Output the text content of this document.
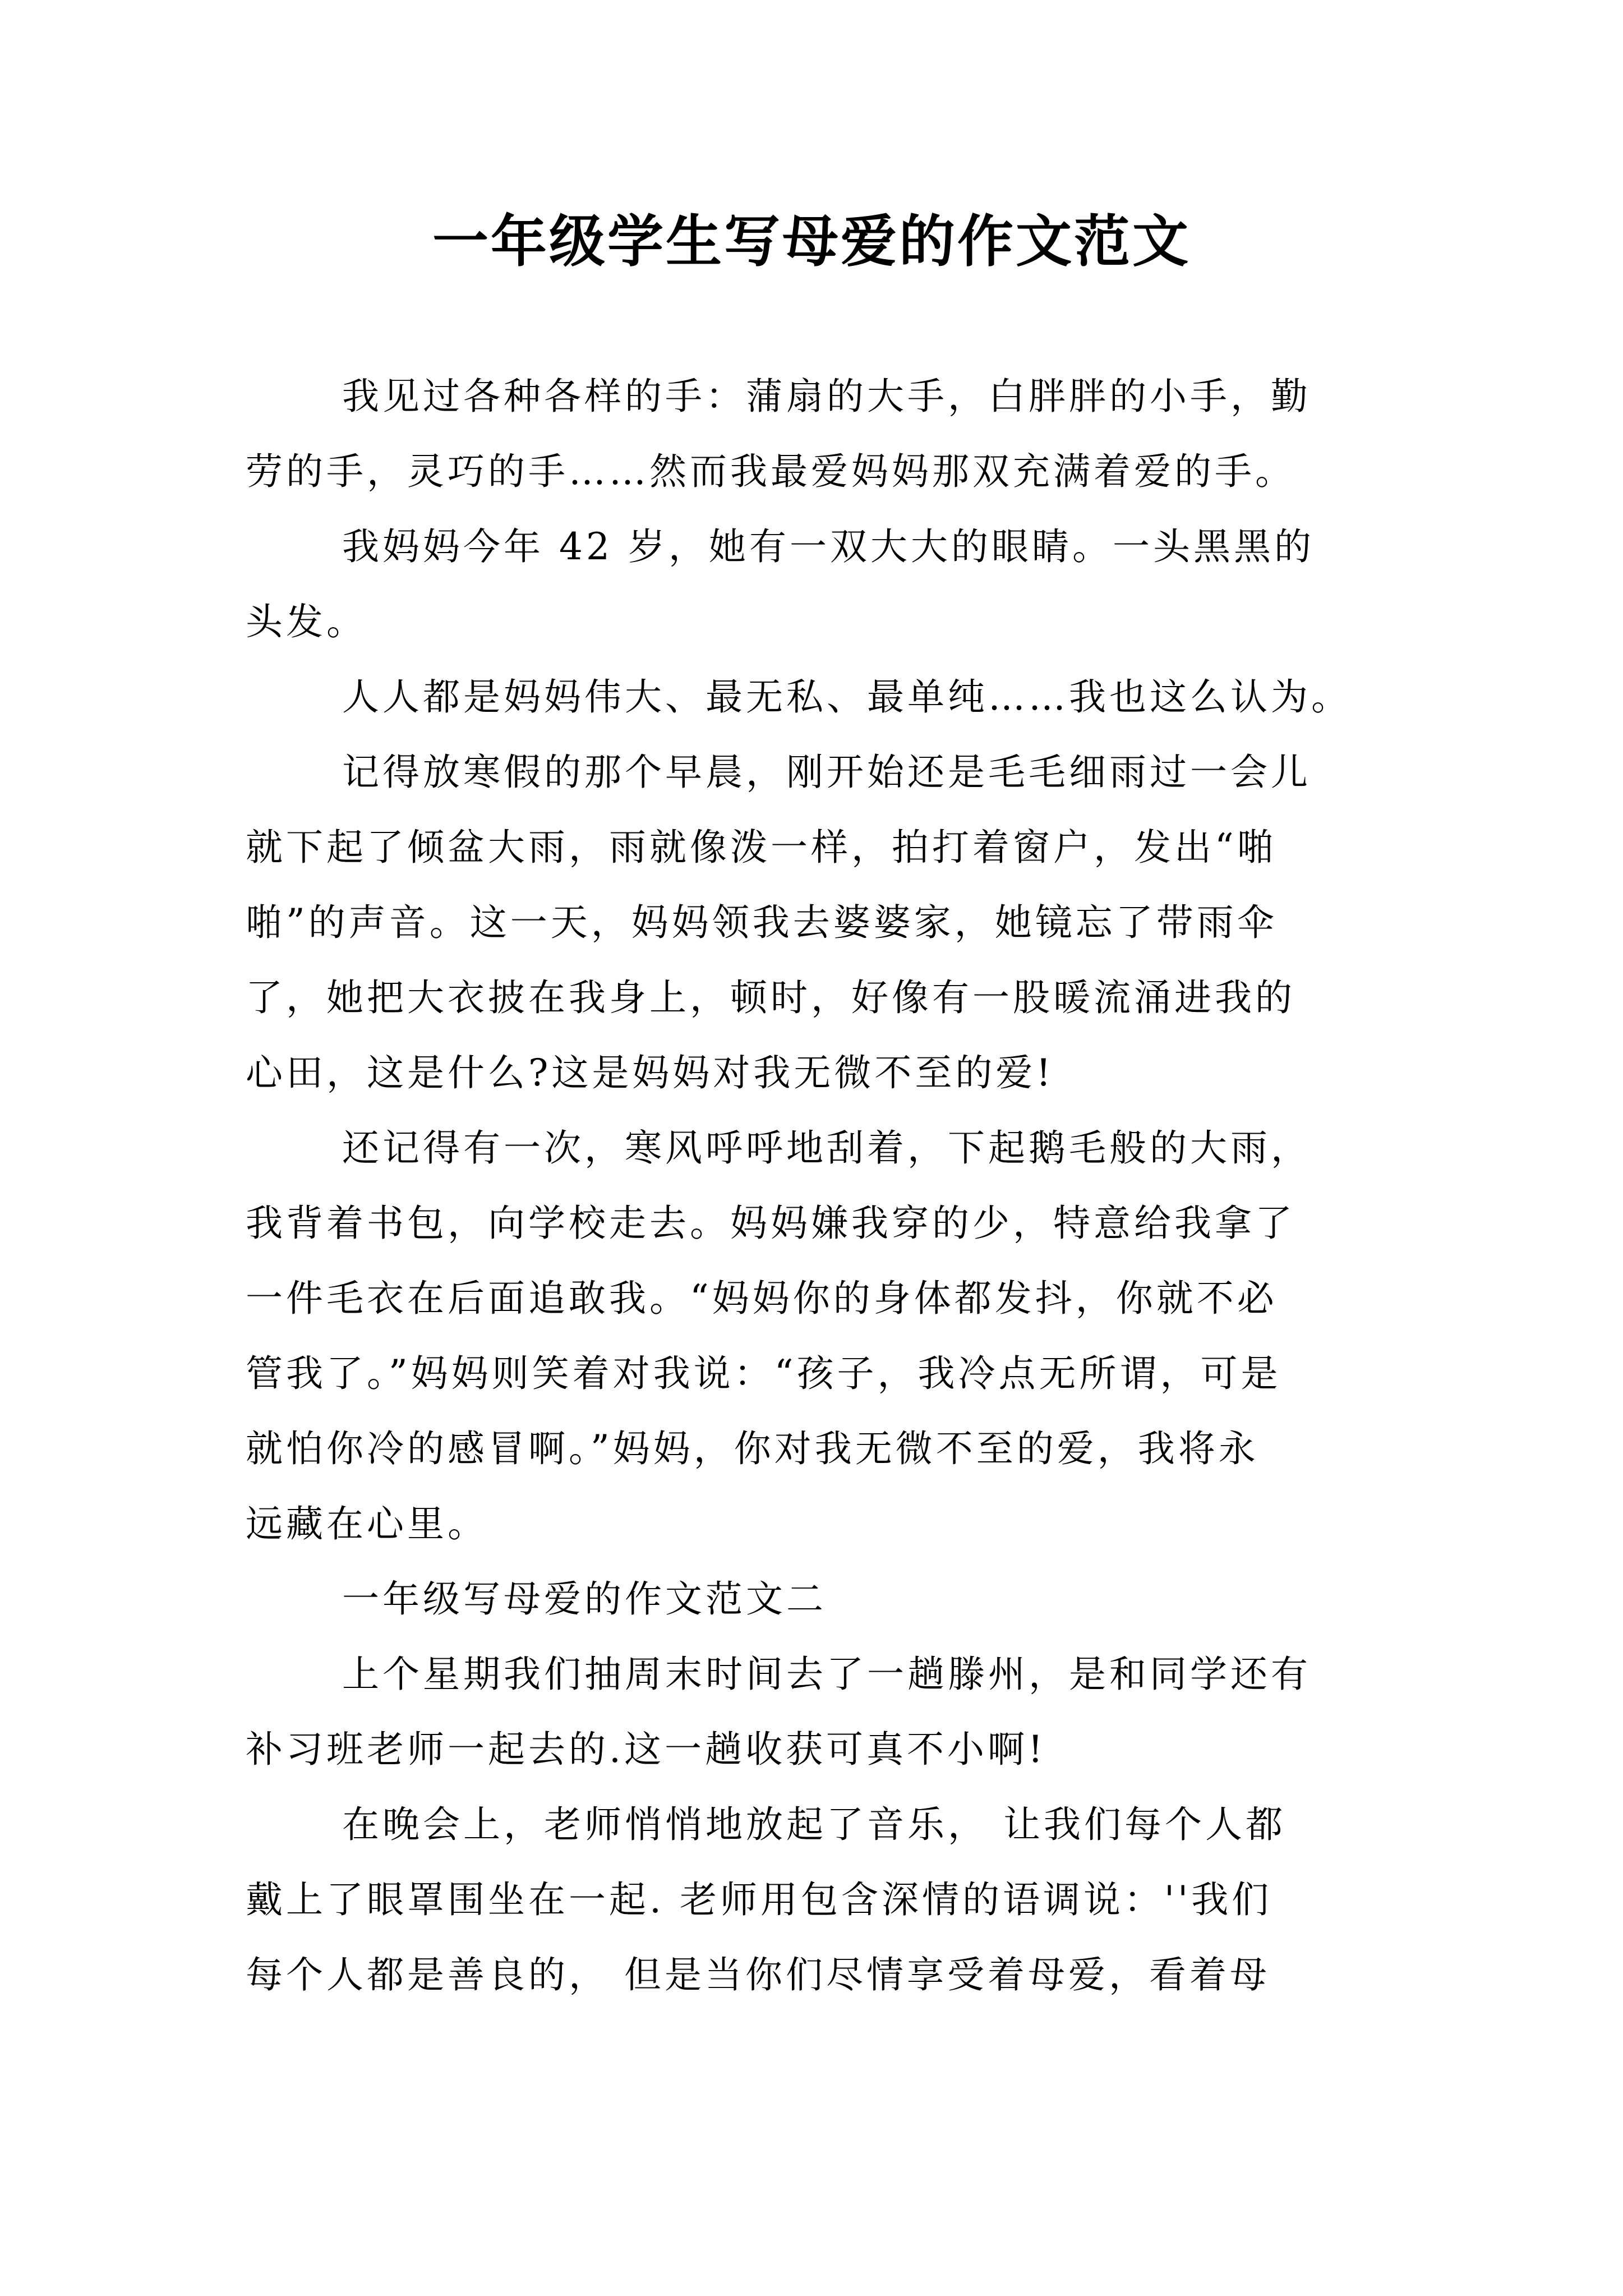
一年级学生写母爱的作文范文
我见过各种各样的手：蒲扇的大手，白胖胖的小手，勤
劳的手，灵巧的手……然而我最爱妈妈那双充满着爱的手。
我妈妈今年 42 岁，她有一双大大的眼睛。一头黑黑的
头发。
人人都是妈妈伟大、最无私、最单纯……我也这么认为。
记得放寒假的那个早晨，刚开始还是毛毛细雨过一会儿
就下起了倾盆大雨，雨就像泼一样，拍打着窗户，发出“啪
啪”的声音。这一天，妈妈领我去婆婆家，她镜忘了带雨伞
了，她把大衣披在我身上，顿时，好像有一股暖流涌进我的
心田，这是什么?这是妈妈对我无微不至的爱!
还记得有一次，寒风呼呼地刮着，下起鹅毛般的大雨，
我背着书包，向学校走去。妈妈嫌我穿的少，特意给我拿了
一件毛衣在后面追敢我。“妈妈你的身体都发抖，你就不必
管我了。”妈妈则笑着对我说：“孩子，我冷点无所谓，可是
就怕你冷的感冒啊。”妈妈，你对我无微不至的爱，我将永
远藏在心里。
一年级写母爱的作文范文二
上个星期我们抽周末时间去了一趟滕州，是和同学还有
补习班老师一起去的.这一趟收获可真不小啊!
在晚会上，老师悄悄地放起了音乐， 让我们每个人都
戴上了眼罩围坐在一起. 老师用包含深情的语调说：''我们
每个人都是善良的， 但是当你们尽情享受着母爱，看着母
